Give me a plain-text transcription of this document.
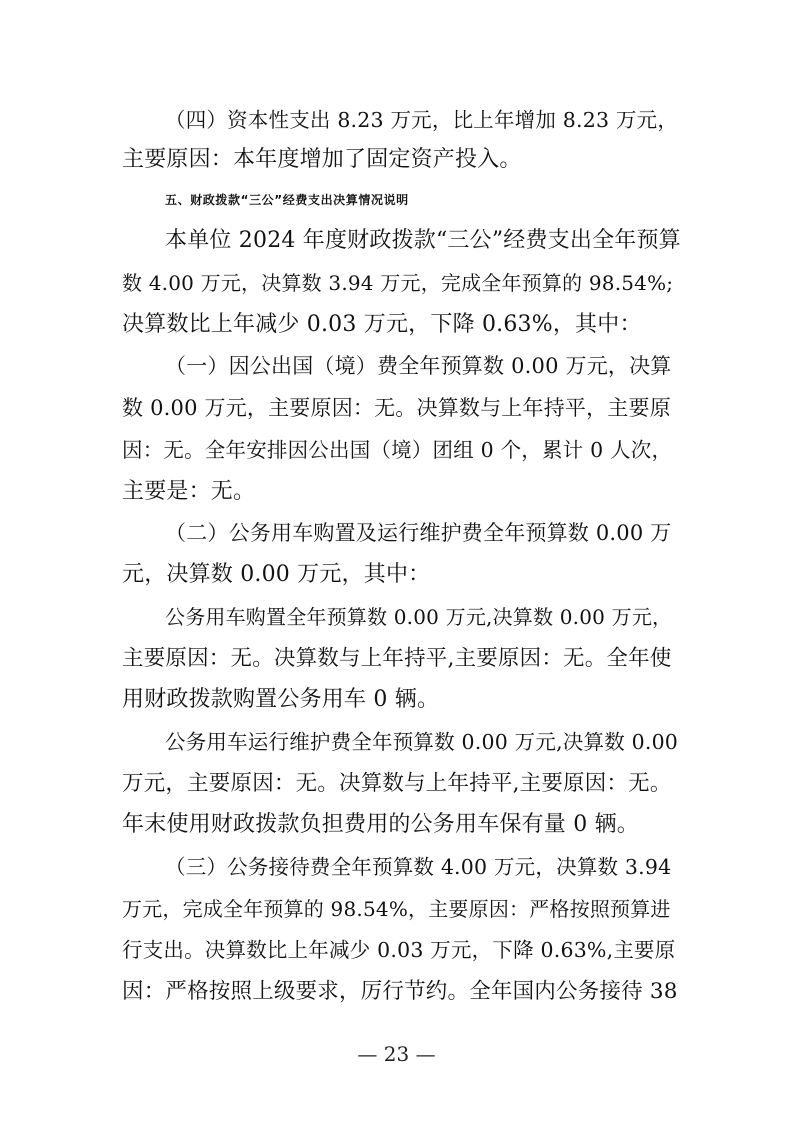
（四）资本性支出 8.23 万元，比上年增加 8.23 万元，
主要原因：本年度增加了固定资产投入。
五、财政拨款“三公”经费支出决算情况说明
本单位 2024 年度财政拨款“三公”经费支出全年预算
数 4.00 万元，决算数 3.94 万元，完成全年预算的 98.54%;
决算数比上年减少 0.03 万元，下降 0.63%，其中：
（一）因公出国（境）费全年预算数 0.00 万元，决算
数 0.00 万元，主要原因：无。决算数与上年持平，主要原
因：无。全年安排因公出国（境）团组 0 个，累计 0 人次，
主要是：无。
（二）公务用车购置及运行维护费全年预算数 0.00 万
元，决算数 0.00 万元，其中：
公务用车购置全年预算数 0.00 万元,决算数 0.00 万元，
主要原因：无。决算数与上年持平,主要原因：无。全年使
用财政拨款购置公务用车 0 辆。
公务用车运行维护费全年预算数 0.00 万元,决算数 0.00
万元，主要原因：无。决算数与上年持平,主要原因：无。
年末使用财政拨款负担费用的公务用车保有量 0 辆。
（三）公务接待费全年预算数 4.00 万元，决算数 3.94
万元，完成全年预算的 98.54%，主要原因：严格按照预算进
行支出。决算数比上年减少 0.03 万元，下降 0.63%,主要原
因：严格按照上级要求，厉行节约。全年国内公务接待 38
— 23 —
